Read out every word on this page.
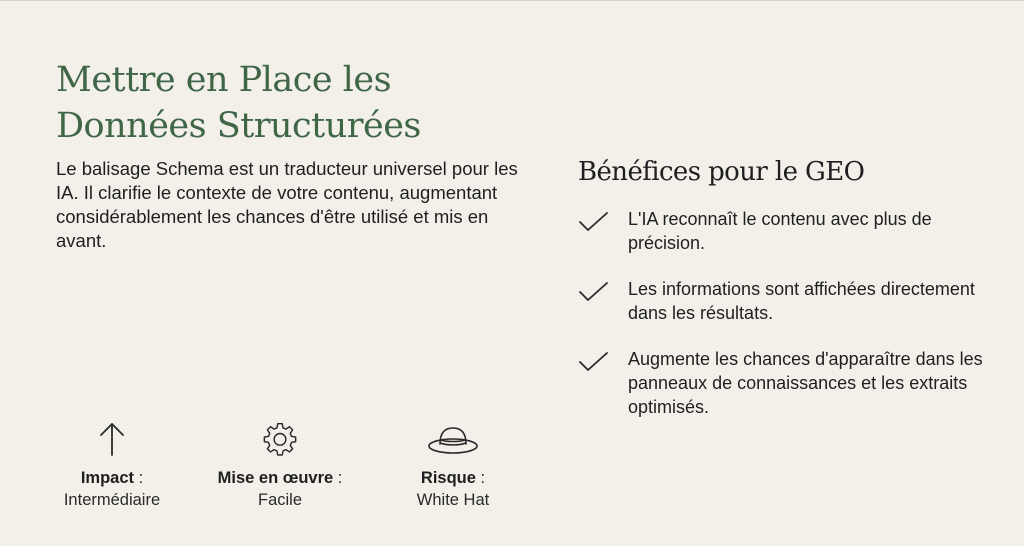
Mettre en Place les Données Structurées

Le balisage Schema est un traducteur universel pour les IA. Il clarifie le contexte de votre contenu, augmentant considérablement les chances d'être utilisé et mis en avant.

Bénéfices pour le GEO
L'IA reconnaît le contenu avec plus de précision.
Les informations sont affichées directement dans les résultats.
Augmente les chances d'apparaître dans les panneaux de connaissances et les extraits optimisés.
Impact :
Intermédiaire
Mise en œuvre :
Facile
Risque :
White Hat
